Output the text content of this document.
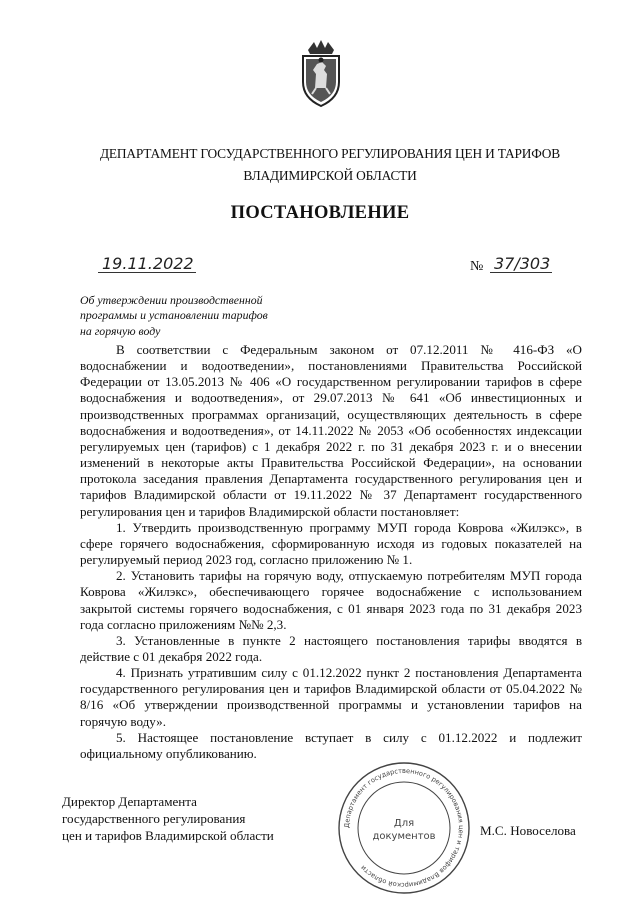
ДЕПАРТАМЕНТ ГОСУДАРСТВЕННОГО РЕГУЛИРОВАНИЯ ЦЕН И ТАРИФОВ
ВЛАДИМИРСКОЙ ОБЛАСТИ
ПОСТАНОВЛЕНИЕ
19.11.2022	№ 37/303
Об утверждении производственной
программы и установлении тарифов
на горячую воду

В соответствии с Федеральным законом от 07.12.2011 № 416-ФЗ «О водоснабжении и водоотведении», постановлениями Правительства Российской Федерации от 13.05.2013 № 406 «О государственном регулировании тарифов в сфере водоснабжения и водоотведения», от 29.07.2013 № 641 «Об инвестиционных и производственных программах организаций, осуществляющих деятельность в сфере водоснабжения и водоотведения», от 14.11.2022 № 2053 «Об особенностях индексации регулируемых цен (тарифов) с 1 декабря 2022 г. по 31 декабря 2023 г. и о внесении изменений в некоторые акты Правительства Российской Федерации», на основании протокола заседания правления Департамента государственного регулирования цен и тарифов Владимирской области от 19.11.2022 № 37 Департамент государственного регулирования цен и тарифов Владимирской области постановляет:

1. Утвердить производственную программу МУП города Коврова «Жилэкс», в сфере горячего водоснабжения, сформированную исходя из годовых показателей на регулируемый период 2023 год, согласно приложению № 1.

2. Установить тарифы на горячую воду, отпускаемую потребителям МУП города Коврова «Жилэкс», обеспечивающего горячее водоснабжение с использованием закрытой системы горячего водоснабжения, с 01 января 2023 года по 31 декабря 2023 года согласно приложениям №№ 2,3.

3. Установленные в пункте 2 настоящего постановления тарифы вводятся в действие с 01 декабря 2022 года.

4. Признать утратившим силу с 01.12.2022 пункт 2 постановления Департамента государственного регулирования цен и тарифов Владимирской области от 05.04.2022 № 8/16 «Об утверждении производственной программы и установлении тарифов на горячую воду».

5. Настоящее постановление вступает в силу с 01.12.2022 и подлежит официальному опубликованию.

Директор Департамента
государственного регулирования
цен и тарифов Владимирской области	М.С. Новоселова
Департамент государственного регулирования цен и тарифов Владимирской области
Для
документов
